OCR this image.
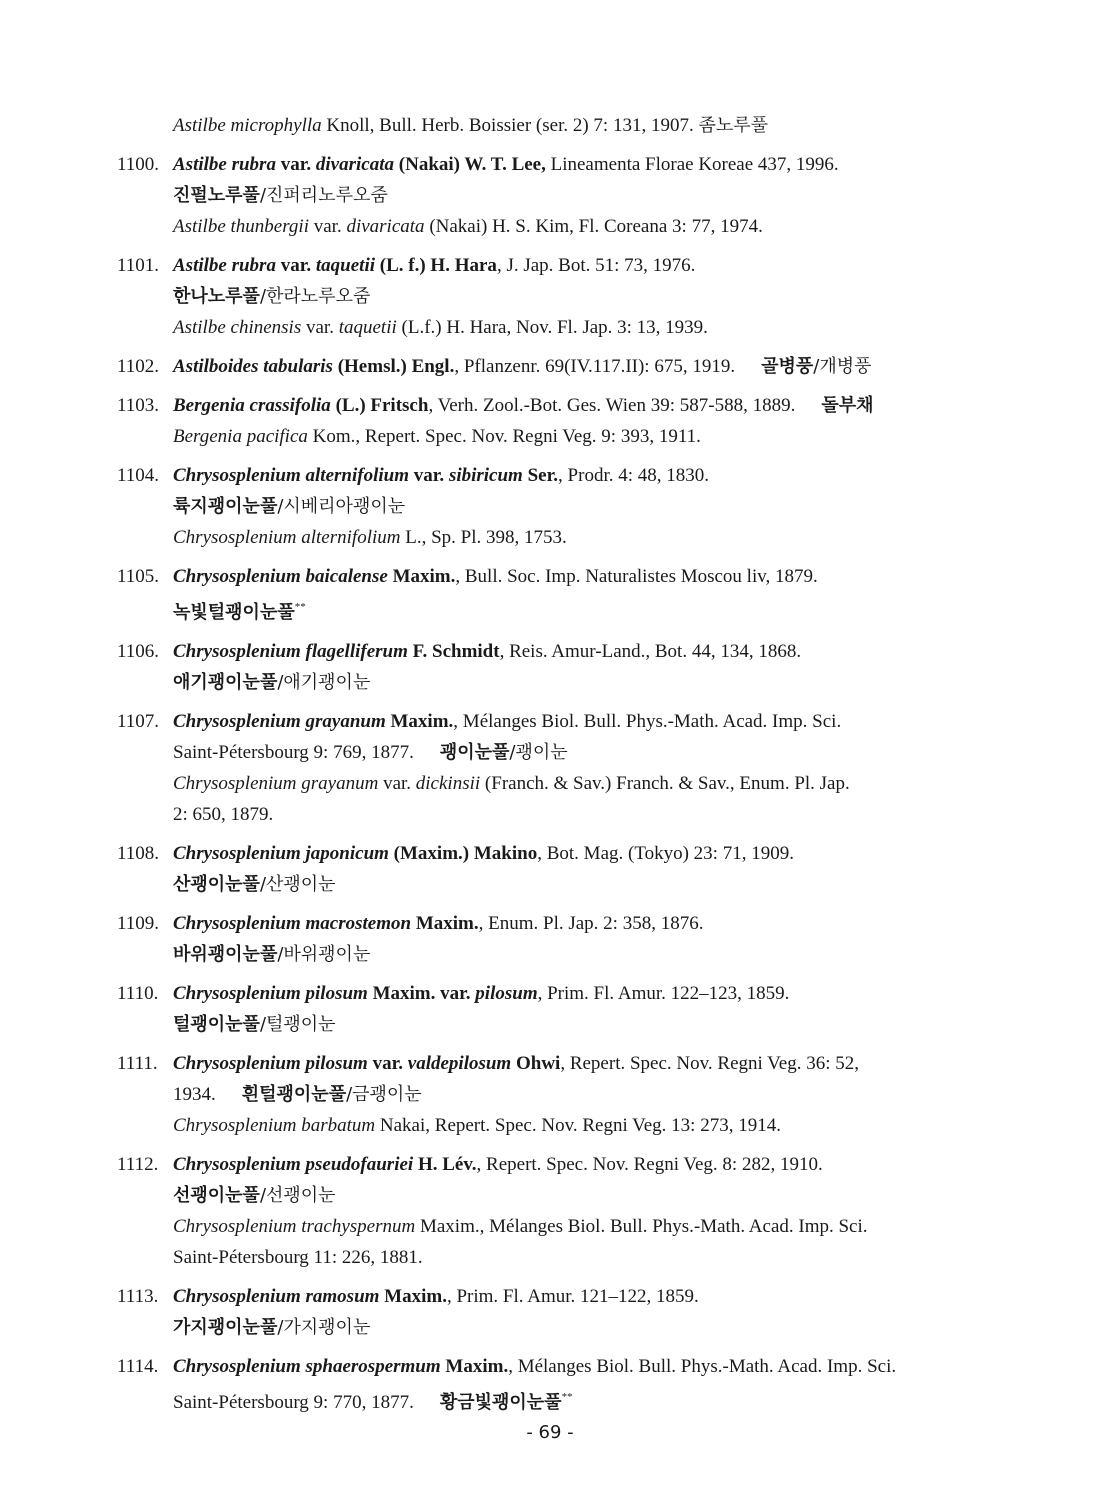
Astilbe microphylla Knoll, Bull. Herb. Boissier (ser. 2) 7: 131, 1907. 좀노루풀
1100. Astilbe rubra var. divaricata (Nakai) W. T. Lee, Lineamenta Florae Koreae 437, 1996.
진펄노루풀/진퍼리노루오줌
Astilbe thunbergii var. divaricata (Nakai) H. S. Kim, Fl. Coreana 3: 77, 1974.
1101. Astilbe rubra var. taquetii (L. f.) H. Hara, J. Jap. Bot. 51: 73, 1976.
한나노루풀/한라노루오줌
Astilbe chinensis var. taquetii (L.f.) H. Hara, Nov. Fl. Jap. 3: 13, 1939.
1102. Astilboides tabularis (Hemsl.) Engl., Pflanzenr. 69(IV.117.II): 675, 1919. 골병풍/개병풍
1103. Bergenia crassifolia (L.) Fritsch, Verh. Zool.-Bot. Ges. Wien 39: 587-588, 1889. 돌부채
Bergenia pacifica Kom., Repert. Spec. Nov. Regni Veg. 9: 393, 1911.
1104. Chrysosplenium alternifolium var. sibiricum Ser., Prodr. 4: 48, 1830.
륙지괭이눈풀/시베리아괭이눈
Chrysosplenium alternifolium L., Sp. Pl. 398, 1753.
1105. Chrysosplenium baicalense Maxim., Bull. Soc. Imp. Naturalistes Moscou liv, 1879.
녹빛털괭이눈풀**
1106. Chrysosplenium flagelliferum F. Schmidt, Reis. Amur-Land., Bot. 44, 134, 1868.
애기괭이눈풀/애기괭이눈
1107. Chrysosplenium grayanum Maxim., Mélanges Biol. Bull. Phys.-Math. Acad. Imp. Sci.
Saint-Pétersbourg 9: 769, 1877. 괭이눈풀/괭이눈
Chrysosplenium grayanum var. dickinsii (Franch. & Sav.) Franch. & Sav., Enum. Pl. Jap.
2: 650, 1879.
1108. Chrysosplenium japonicum (Maxim.) Makino, Bot. Mag. (Tokyo) 23: 71, 1909.
산괭이눈풀/산괭이눈
1109. Chrysosplenium macrostemon Maxim., Enum. Pl. Jap. 2: 358, 1876.
바위괭이눈풀/바위괭이눈
1110. Chrysosplenium pilosum Maxim. var. pilosum, Prim. Fl. Amur. 122–123, 1859.
털괭이눈풀/털괭이눈
1111. Chrysosplenium pilosum var. valdepilosum Ohwi, Repert. Spec. Nov. Regni Veg. 36: 52,
1934. 흰털괭이눈풀/금괭이눈
Chrysosplenium barbatum Nakai, Repert. Spec. Nov. Regni Veg. 13: 273, 1914.
1112. Chrysosplenium pseudofauriei H. Lév., Repert. Spec. Nov. Regni Veg. 8: 282, 1910.
선괭이눈풀/선괭이눈
Chrysosplenium trachyspernum Maxim., Mélanges Biol. Bull. Phys.-Math. Acad. Imp. Sci.
Saint-Pétersbourg 11: 226, 1881.
1113. Chrysosplenium ramosum Maxim., Prim. Fl. Amur. 121–122, 1859.
가지괭이눈풀/가지괭이눈
1114. Chrysosplenium sphaerospermum Maxim., Mélanges Biol. Bull. Phys.-Math. Acad. Imp. Sci.
Saint-Pétersbourg 9: 770, 1877. 황금빛괭이눈풀**
- 69 -
